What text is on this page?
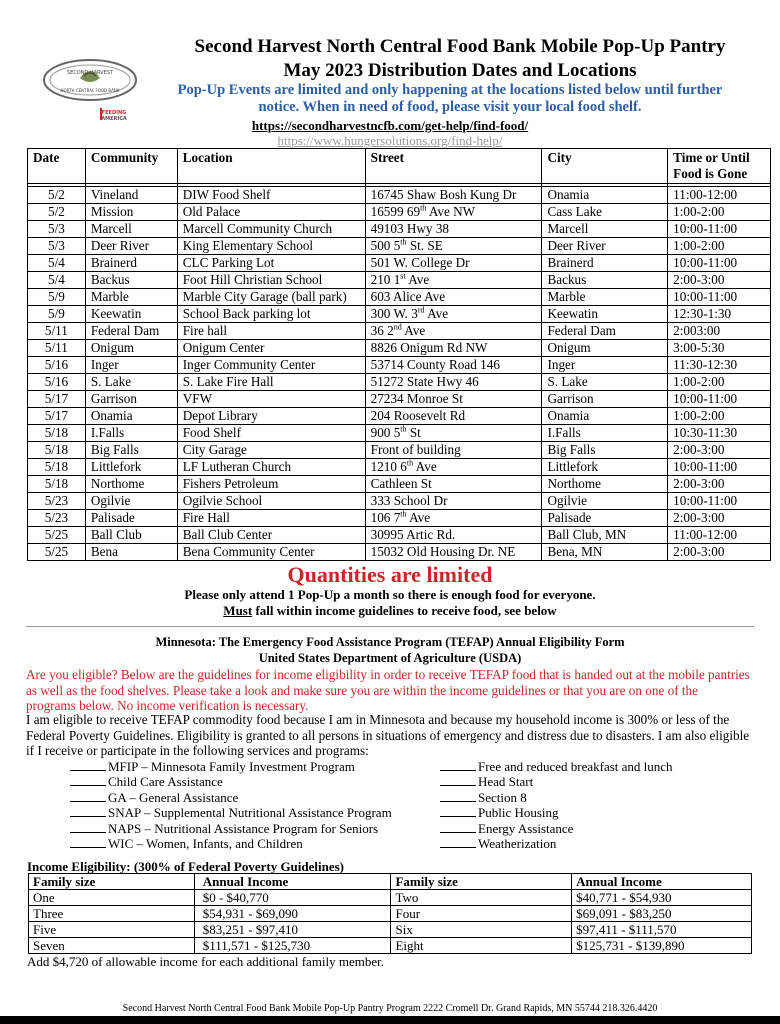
SECOND HARVEST
NORTH CENTRAL FOOD BANK
FEEDING
AMERICA
Second Harvest North Central Food Bank Mobile Pop-Up Pantry
May 2023 Distribution Dates and Locations
Pop-Up Events are limited and only happening at the locations listed below until further
notice. When in need of food, please visit your local food shelf.
https://secondharvestncfb.com/get-help/find-food/
https://www.hungersolutions.org/find-help/
Date	Community	Location	Street	City	Time or Until Food is Gone

5/2	Vineland	DIW Food Shelf	16745 Shaw Bosh Kung Dr	Onamia	11:00-12:00
5/2	Mission	Old Palace	16599 69th Ave NW	Cass Lake	1:00-2:00
5/3	Marcell	Marcell Community Church	49103 Hwy 38	Marcell	10:00-11:00
5/3	Deer River	King Elementary School	500 5th St. SE	Deer River	1:00-2:00
5/4	Brainerd	CLC Parking Lot	501 W. College Dr	Brainerd	10:00-11:00
5/4	Backus	Foot Hill Christian School	210 1st Ave	Backus	2:00-3:00
5/9	Marble	Marble City Garage (ball park)	603 Alice Ave	Marble	10:00-11:00
5/9	Keewatin	School Back parking lot	300 W. 3rd Ave	Keewatin	12:30-1:30
5/11	Federal Dam	Fire hall	36 2nd Ave	Federal Dam	2:003:00
5/11	Onigum	Onigum Center	8826 Onigum Rd NW	Onigum	3:00-5:30
5/16	Inger	Inger Community Center	53714 County Road 146	Inger	11:30-12:30
5/16	S. Lake	S. Lake Fire Hall	51272 State Hwy 46	S. Lake	1:00-2:00
5/17	Garrison	VFW	27234 Monroe St	Garrison	10:00-11:00
5/17	Onamia	Depot Library	204 Roosevelt Rd	Onamia	1:00-2:00
5/18	I.Falls	Food Shelf	900 5th St	I.Falls	10:30-11:30
5/18	Big Falls	City Garage	Front of building	Big Falls	2:00-3:00
5/18	Littlefork	LF Lutheran Church	1210 6th Ave	Littlefork	10:00-11:00
5/18	Northome	Fishers Petroleum	Cathleen St	Northome	2:00-3:00
5/23	Ogilvie	Ogilvie School	333 School Dr	Ogilvie	10:00-11:00
5/23	Palisade	Fire Hall	106 7th Ave	Palisade	2:00-3:00
5/25	Ball Club	Ball Club Center	30995 Artic Rd.	Ball Club, MN	11:00-12:00
5/25	Bena	Bena Community Center	15032 Old Housing Dr. NE	Bena, MN	2:00-3:00
Quantities are limited
Please only attend 1 Pop-Up a month so there is enough food for everyone.
Must fall within income guidelines to receive food, see below
Minnesota: The Emergency Food Assistance Program (TEFAP) Annual Eligibility Form
United States Department of Agriculture (USDA)
Are you eligible? Below are the guidelines for income eligibility in order to receive TEFAP food that is handed out at the mobile pantries as well as the food shelves. Please take a look and make sure you are within the income guidelines or that you are on one of the programs below. No income verification is necessary.
I am eligible to receive TEFAP commodity food because I am in Minnesota and because my household income is 300% or less of the Federal Poverty Guidelines. Eligibility is granted to all persons in situations of emergency and distress due to disasters. I am also eligible if I receive or participate in the following services and programs:
MFIP – Minnesota Family Investment Program
Child Care Assistance
GA – General Assistance
SNAP – Supplemental Nutritional Assistance Program
NAPS – Nutritional Assistance Program for Seniors
WIC – Women, Infants, and Children
Free and reduced breakfast and lunch
Head Start
Section 8
Public Housing
Energy Assistance
Weatherization
Income Eligibility: (300% of Federal Poverty Guidelines)
Family size	Annual Income	Family size	Annual Income
One	$0 - $40,770	Two	$40,771 - $54,930
Three	$54,931 - $69,090	Four	$69,091 - $83,250
Five	$83,251 - $97,410	Six	$97,411 - $111,570
Seven	$111,571 - $125,730	Eight	$125,731 - $139,890
Add $4,720 of allowable income for each additional family member.
Second Harvest North Central Food Bank Mobile Pop-Up Pantry Program 2222 Cromell Dr. Grand Rapids, MN 55744 218.326.4420
